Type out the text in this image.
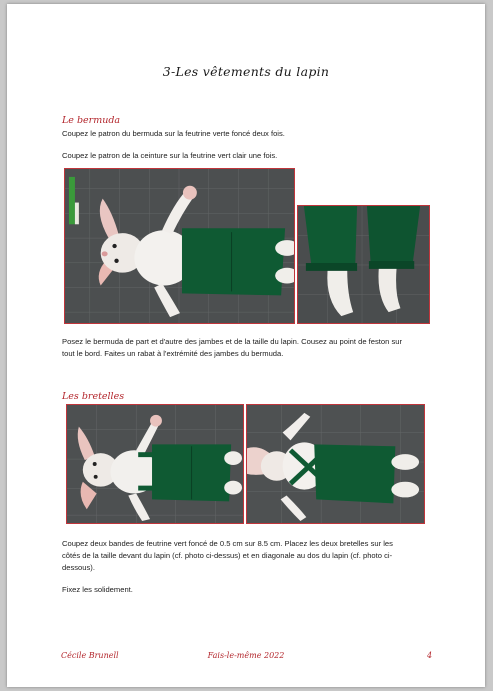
3-Les vêtements du lapin
Le bermuda

Coupez le patron du bermuda sur la feutrine verte foncé deux fois.

Coupez le patron de la ceinture sur la feutrine vert clair une fois.

Posez le bermuda de part et d'autre des jambes et de la taille du lapin. Cousez au point de feston sur

tout le bord. Faites un rabat à l'extrémité des jambes du bermuda.

Les bretelles

Coupez deux bandes de feutrine vert foncé de 0.5 cm sur 8.5 cm. Placez les deux bretelles sur les

côtés de la taille devant du lapin (cf. photo ci-dessus) et en diagonale au dos du lapin (cf. photo ci-

dessous).

Fixez les solidement.

Cécile Brunell	Fais-le-même 2022	4
